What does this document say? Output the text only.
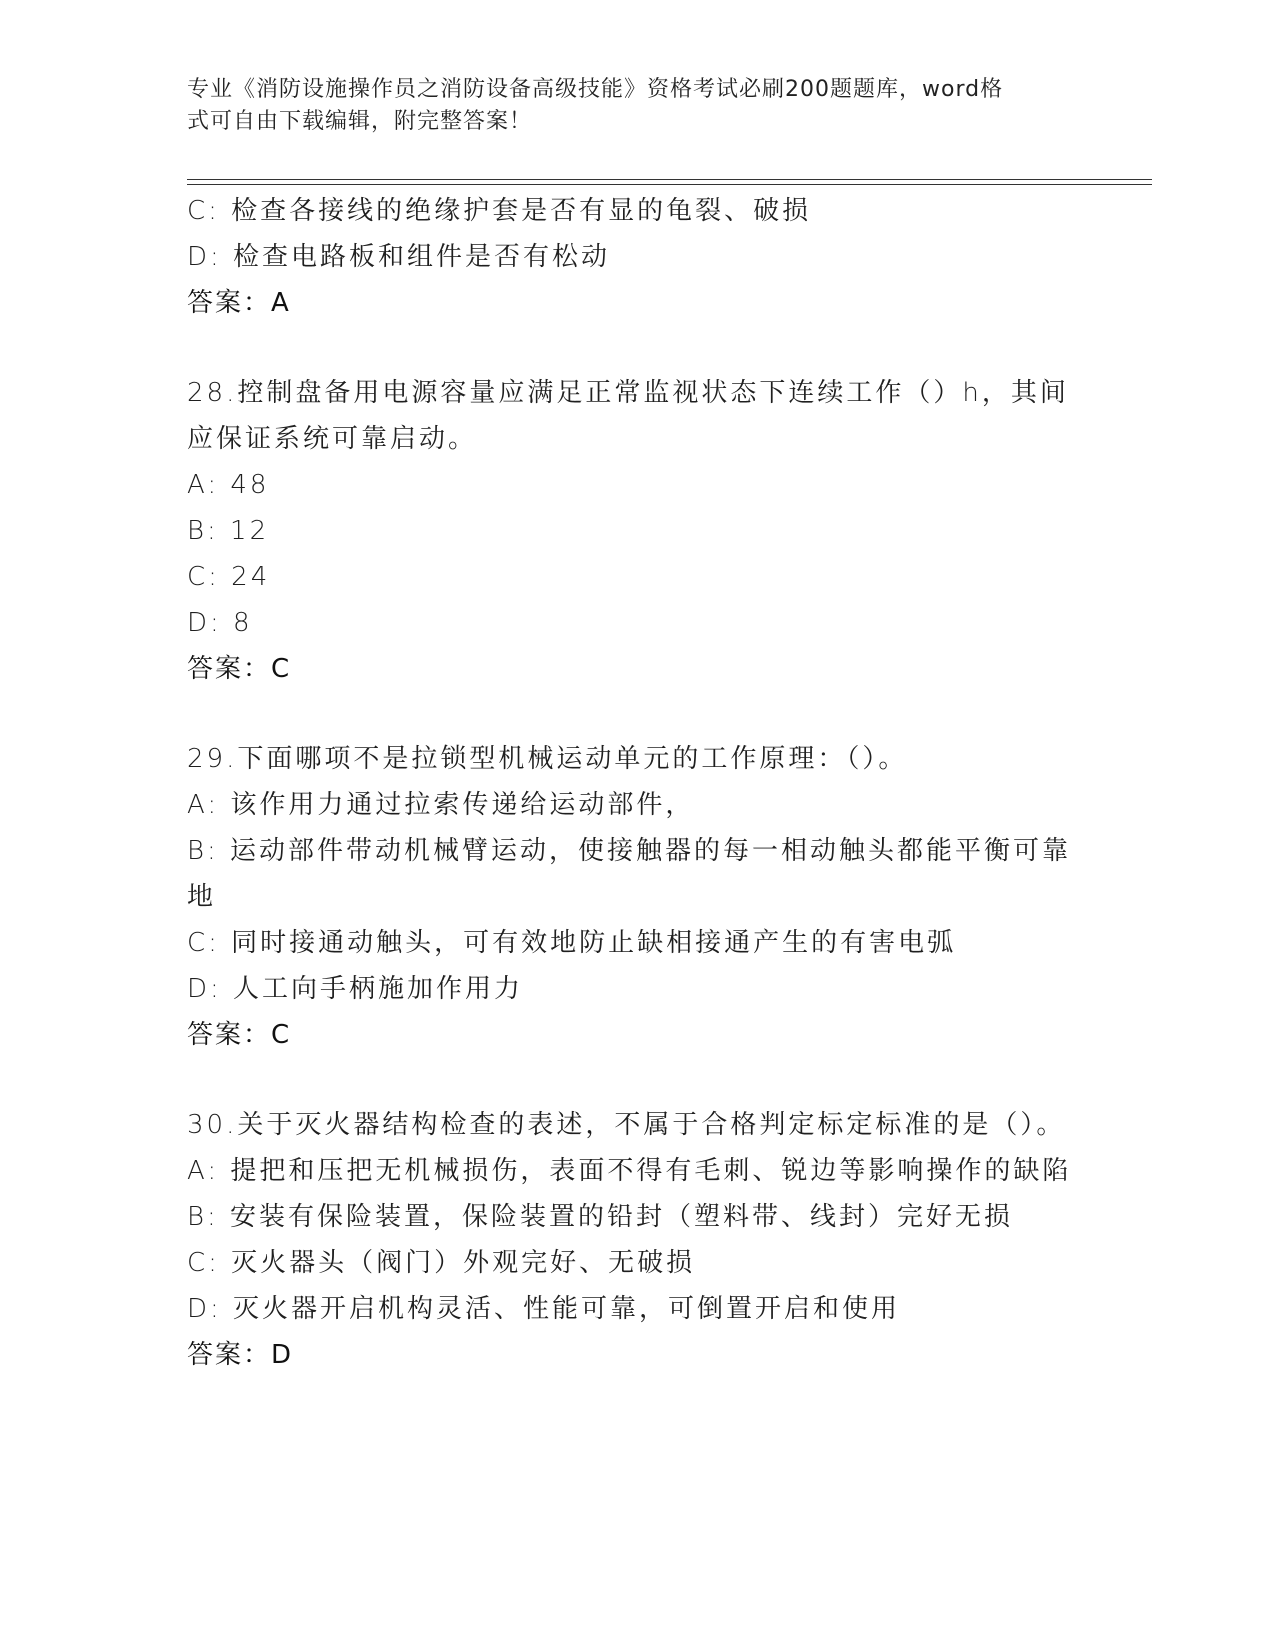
专业《消防设施操作员之消防设备高级技能》资格考试必刷200题题库，word格
式可自由下载编辑，附完整答案！
C: 检查各接线的绝缘护套是否有显的龟裂、破损
D: 检查电路板和组件是否有松动
答案：A
28.控制盘备用电源容量应满足正常监视状态下连续工作（）h，其间
应保证系统可靠启动。
A: 48
B: 12
C: 24
D: 8
答案：C
29.下面哪项不是拉锁型机械运动单元的工作原理：（）。
A: 该作用力通过拉索传递给运动部件，
B: 运动部件带动机械臂运动，使接触器的每一相动触头都能平衡可靠
地
C: 同时接通动触头，可有效地防止缺相接通产生的有害电弧
D: 人工向手柄施加作用力
答案：C
30.关于灭火器结构检查的表述，不属于合格判定标定标准的是（）。
A: 提把和压把无机械损伤，表面不得有毛刺、锐边等影响操作的缺陷
B: 安装有保险装置，保险装置的铅封（塑料带、线封）完好无损
C: 灭火器头（阀门）外观完好、无破损
D: 灭火器开启机构灵活、性能可靠，可倒置开启和使用
答案：D
